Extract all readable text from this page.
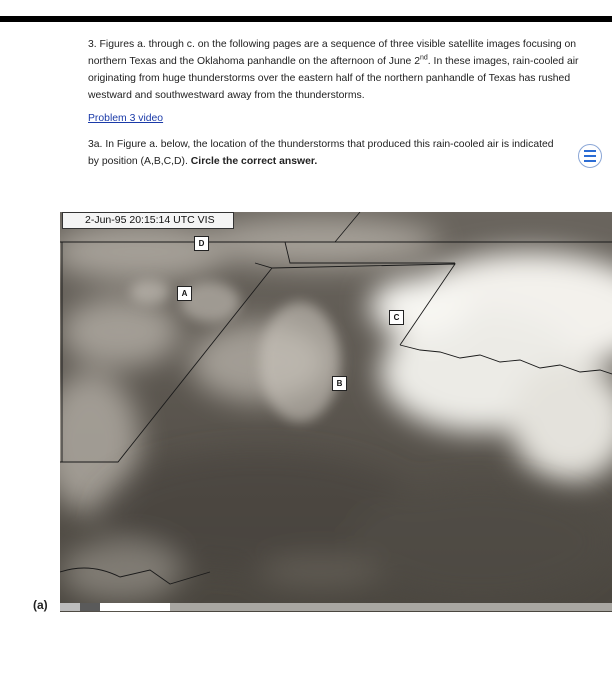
3. Figures a. through c. on the following pages are a sequence of three visible satellite images focusing on northern Texas and the Oklahoma panhandle on the afternoon of June 2nd. In these images, rain-cooled air originating from huge thunderstorms over the eastern half of the northern panhandle of Texas has rushed westward and southwestward away from the thunderstorms.
Problem 3 video
3a. In Figure a. below, the location of the thunderstorms that produced this rain-cooled air is indicated by position (A,B,C,D). Circle the correct answer.
(a)
2-Jun-95 20:15:14 UTC VIS
D
A
C
B
